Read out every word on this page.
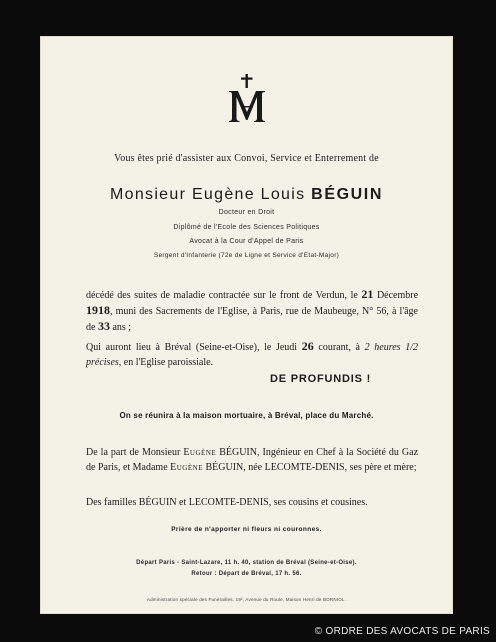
Vous êtes prié d'assister aux Convoi, Service et Enterrement de
Monsieur Eugène Louis BÉGUIN
Docteur en Droit
Diplômé de l'Ecole des Sciences Politiques
Avocat à la Cour d'Appel de Paris
Sergent d'Infanterie (72e de Ligne et Service d'Etat-Major)
décédé des suites de maladie contractée sur le front de Verdun, le 21 Décembre 1918, muni des Sacrements de l'Eglise, à Paris, rue de Maubeuge, N° 56, à l'âge de 33 ans ;
Qui auront lieu à Bréval (Seine-et-Oise), le Jeudi 26 courant, à 2 heures 1/2 précises, en l'Eglise paroissiale.
DE PROFUNDIS !
On se réunira à la maison mortuaire, à Bréval, place du Marché.
De la part de Monsieur Eugène BÉGUIN, Ingénieur en Chef à la Société du Gaz de Paris, et Madame Eugène BÉGUIN, née LECOMTE-DENIS, ses père et mère;
Des familles BÉGUIN et LECOMTE-DENIS, ses cousins et cousines.
Prière de n'apporter ni fleurs ni couronnes.
Départ Paris - Saint-Lazare, 11 h. 40, station de Bréval (Seine-et-Oise).
Retour : Départ de Bréval, 17 h. 56.
Administration spéciale des Funérailles, 19², Avenue du Roule, Maison Henri de BORNIOL.
© ORDRE DES AVOCATS DE PARIS
